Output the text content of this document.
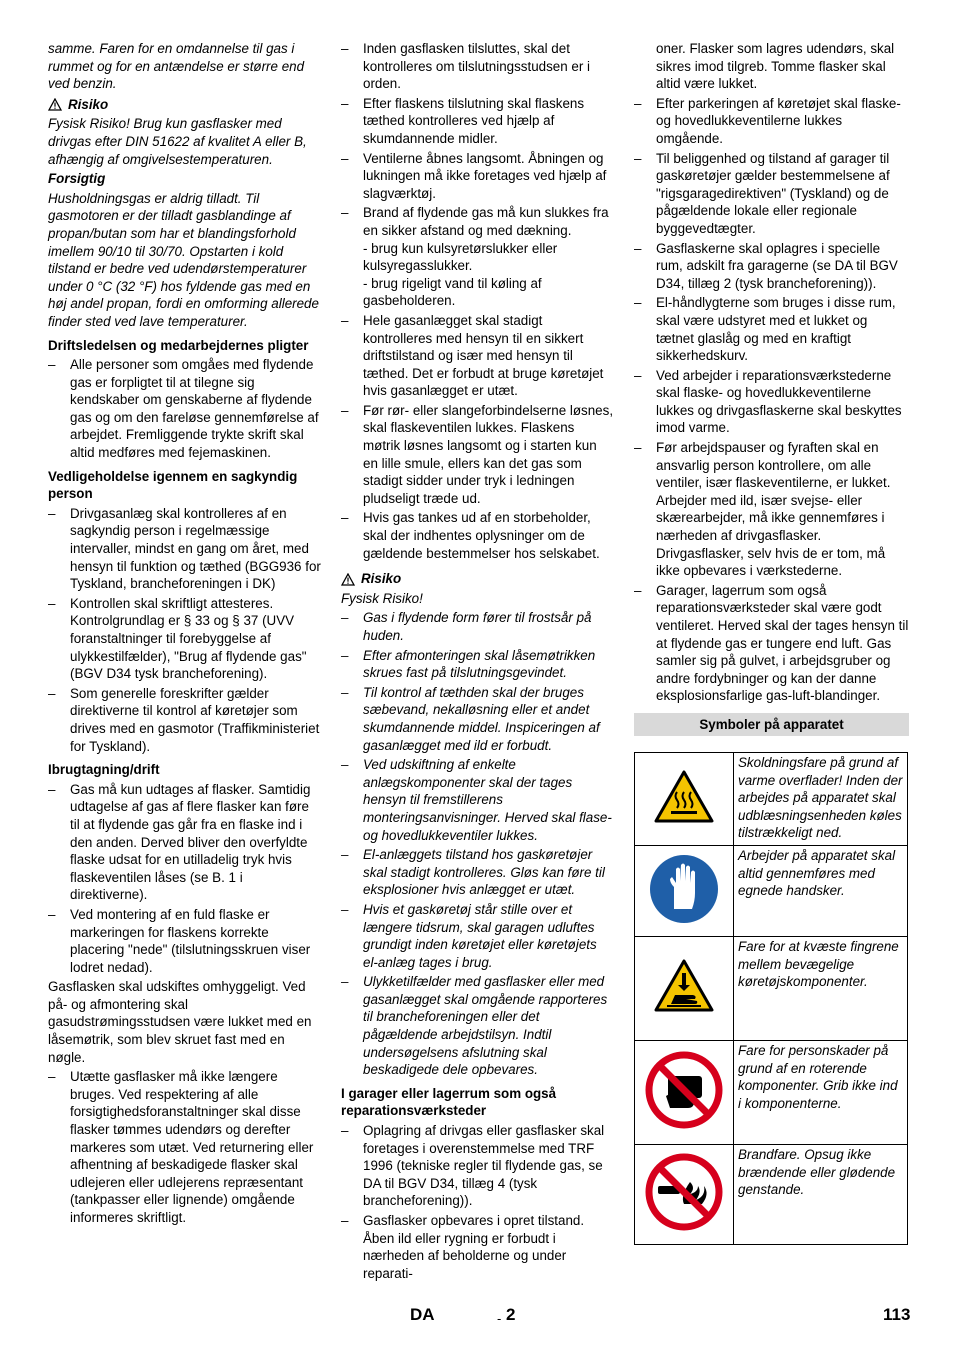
samme. Faren for en omdannelse til gas i rummet og for en antændelse er større end ved benzin.

Risiko

Fysisk Risiko! Brug kun gasflasker med drivgas efter DIN 51622 af kvalitet A eller B, afhængig af omgivelsestemperaturen.

Forsigtig

Husholdningsgas er aldrig tilladt. Til gasmotoren er der tilladt gasblandinge af propan/butan som har et blandingsforhold imellem 90/10 til 30/70. Opstarten i kold tilstand er bedre ved udendørstemperaturer under 0 °C (32 °F) hos fyldende gas med en høj andel propan, fordi en omforming allerede finder sted ved lave temperaturer.

Driftsledelsen og medarbejdernes pligter

– Alle personer som omgåes med flydende gas er forpligtet til at tilegne sig kendskaber om genskaberne af flydende gas og om den fareløse gennemførelse af arbejdet. Fremliggende trykte skrift skal altid medføres med fejemaskinen.

Vedligeholdelse igennem en sagkyndig person

– Drivgasanlæg skal kontrolleres af en sagkyndig person i regelmæssige intervaller, mindst en gang om året, med hensyn til funktion og tæthed (BGG936 for Tyskland, brancheforeningen i DK)
– Kontrollen skal skriftligt attesteres. Kontrolgrundlag er § 33 og § 37 (UVV foranstaltninger til forebyggelse af ulykkestilfælder), "Brug af flydende gas" (BGV D34 tysk brancheforening).
– Som generelle foreskrifter gælder direktiverne til kontrol af køretøjer som drives med en gasmotor (Traffikministeriet for Tyskland).

Ibrugtagning/drift

– Gas må kun udtages af flasker. Samtidig udtagelse af gas af flere flasker kan føre til at flydende gas går fra en flaske ind i den anden. Derved bliver den overfyldte flaske udsat for en utilladelig tryk hvis flaskeventilen låses (se B. 1 i direktiverne).
– Ved montering af en fuld flaske er markeringen for flaskens korrekte placering "nede" (tilslutningsskruen viser lodret nedad).

Gasflasken skal udskiftes omhyggeligt. Ved på- og afmontering skal gasudstrømingsstudsen være lukket med en låsemøtrik, som blev skruet fast med en nøgle.

– Utætte gasflasker må ikke længere bruges. Ved respektering af alle forsigtighedsforanstaltninger skal disse flasker tømmes udendørs og derefter markeres som utæt. Ved returnering eller afhentning af beskadigede flasker skal udlejeren eller udlejerens repræsentant (tankpasser eller lignende) omgående informeres skriftligt.
– Inden gasflasken tilsluttes, skal det kontrolleres om tilslutningsstudsen er i orden.
– Efter flaskens tilslutning skal flaskens tæthed kontrolleres ved hjælp af skumdannende midler.
– Ventilerne åbnes langsomt. Åbningen og lukningen må ikke foretages ved hjælp af slagværktøj.
– Brand af flydende gas må kun slukkes fra en sikker afstand og med dækning.
- brug kun kulsyretørslukker eller kulsyregasslukker.
- brug rigeligt vand til køling af gasbeholderen.
– Hele gasanlægget skal stadigt kontrolleres med hensyn til en sikkert driftstilstand og især med hensyn til tæthed. Det er forbudt at bruge køretøjet hvis gasanlægget er utæt.
– Før rør- eller slangeforbindelserne løsnes, skal flaskeventilen lukkes. Flaskens møtrik løsnes langsomt og i starten kun en lille smule, ellers kan det gas som stadigt sidder under tryk i ledningen pludseligt træde ud.
– Hvis gas tankes ud af en storbeholder, skal der indhentes oplysninger om de gældende bestemmelser hos selskabet.
Risiko

Fysisk Risiko!

– Gas i flydende form fører til frostsår på huden.
– Efter afmonteringen skal låsemøtrikken skrues fast på tilslutningsgevindet.
– Til kontrol af tæthden skal der bruges sæbevand, nekalløsning eller et andet skumdannende middel. Inspiceringen af gasanlægget med ild er forbudt.
– Ved udskiftning af enkelte anlægskomponenter skal der tages hensyn til fremstillerens monteringsanvisninger. Herved skal flase- og hovedlukkeventiler lukkes.
– El-anlæggets tilstand hos gaskøretøjer skal stadigt kontrolleres. Gløs kan føre til eksplosioner hvis anlægget er utæt.
– Hvis et gaskøretøj står stille over et længere tidsrum, skal garagen udluftes grundigt inden køretøjet eller køretøjets el-anlæg tages i brug.
– Ulykketilfælder med gasflasker eller med gasanlægget skal omgående rapporteres til brancheforeningen eller det pågældende arbejdstilsyn. Indtil undersøgelsens afslutning skal beskadigede dele opbevares.

I garager eller lagerrum som også reparationsværksteder

– Oplagring af drivgas eller gasflasker skal foretages i overenstemmelse med TRF 1996 (tekniske regler til flydende gas, se DA til BGV D34, tillæg 4 (tysk brancheforening)).
– Gasflasker opbevares i opret tilstand. Åben ild eller rygning er forbudt i nærheden af beholderne og under reparati-

oner. Flasker som lagres udendørs, skal sikres imod tilgreb. Tomme flasker skal altid være lukket.

– Efter parkeringen af køretøjet skal flaske- og hovedlukkeventilerne lukkes omgående.
– Til beliggenhed og tilstand af garager til gaskøretøjer gælder bestemmelsene af "rigsgaragedirektiven" (Tyskland) og de pågældende lokale eller regionale byggevedtægter.
– Gasflaskerne skal oplagres i specielle rum, adskilt fra garagerne (se DA til BGV D34, tillæg 2 (tysk brancheforening)).
– El-håndlygterne som bruges i disse rum, skal være udstyret med et lukket og tætnet glaslåg og med en kraftigt sikkerhedskurv.
– Ved arbejder i reparationsværkstederne skal flaske- og hovedlukkeventilerne lukkes og drivgasflaskerne skal beskyttes imod varme.
– Før arbejdspauser og fyraften skal en ansvarlig person kontrollere, om alle ventiler, især flaskeventilerne, er lukket. Arbejder med ild, især svejse- eller skærearbejder, må ikke gennemføres i nærheden af drivgasflasker. Drivgasflasker, selv hvis de er tom, må ikke opbevares i værkstederne.
– Garager, lagerrum som også reparationsværksteder skal være godt ventileret. Herved skal der tages hensyn til at flydende gas er tungere end luft. Gas samler sig på gulvet, i arbejdsgruber og andre fordybninger og kan der danne eksplosionsfarlige gas-luft-blandinger.
Symboler på apparatet
	Skoldningsfare på grund af varme overflader! Inden der arbejdes på apparatet skal udblæsningsenheden køles tilstrækkeligt ned.
	Arbejder på apparatet skal altid gennemføres med egnede handsker.
	Fare for at kvæste fingrene mellem bevægelige køretøjskomponenter.
	Fare for personskader på grund af en roterende komponenter. Grib ikke ind i komponenterne.
	Brandfare. Opsug ikke brændende eller glødende genstande.
DA	- 2	113
